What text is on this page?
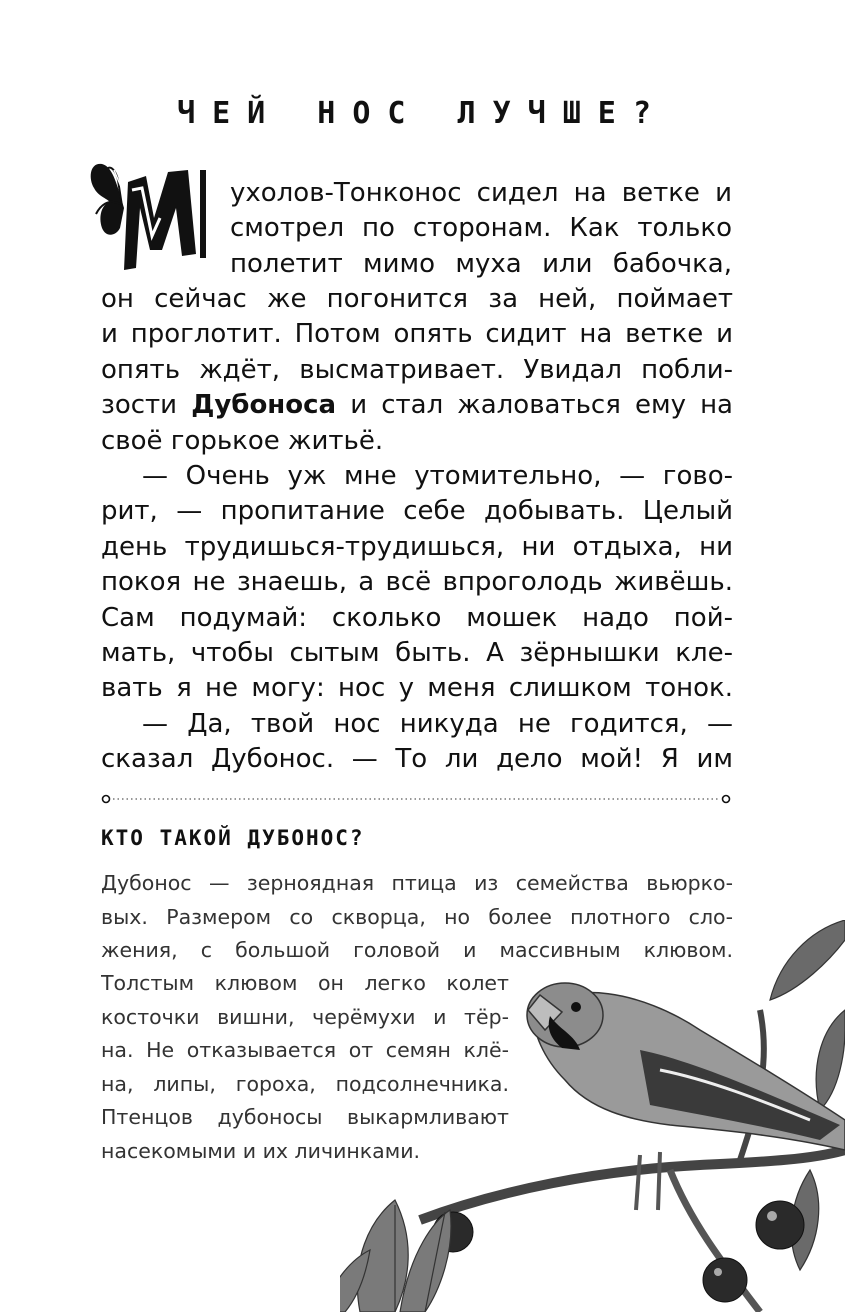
ЧЕЙ НОС ЛУЧШЕ?
ухолов-Тонконос сидел на ветке и
смотрел по сторонам. Как только
полетит мимо муха или бабочка,
он сейчас же погонится за ней, поймает
и проглотит. Потом опять сидит на ветке и
опять ждёт, высматривает. Увидал побли-
зости Дубоноса и стал жаловаться ему на
своё горькое житьё.
— Очень уж мне утомительно, — гово-
рит, — пропитание себе добывать. Целый
день трудишься-трудишься, ни отдыха, ни
покоя не знаешь, а всё впроголодь живёшь.
Сам подумай: сколько мошек надо пой-
мать, чтобы сытым быть. А зёрнышки кле-
вать я не могу: нос у меня слишком тонок.
— Да, твой нос никуда не годится, —
сказал Дубонос. — То ли дело мой! Я им
КТО ТАКОЙ ДУБОНОС?
Дубонос — зерноядная птица из семейства вьюрко-
вых. Размером со скворца, но более плотного сло-
жения, с большой головой и массивным клювом.
Толстым клювом он легко колет
косточки вишни, черёмухи и тёр-
на. Не отказывается от семян клё-
на, липы, гороха, подсолнечника.
Птенцов дубоносы выкармливают
насекомыми и их личинками.
